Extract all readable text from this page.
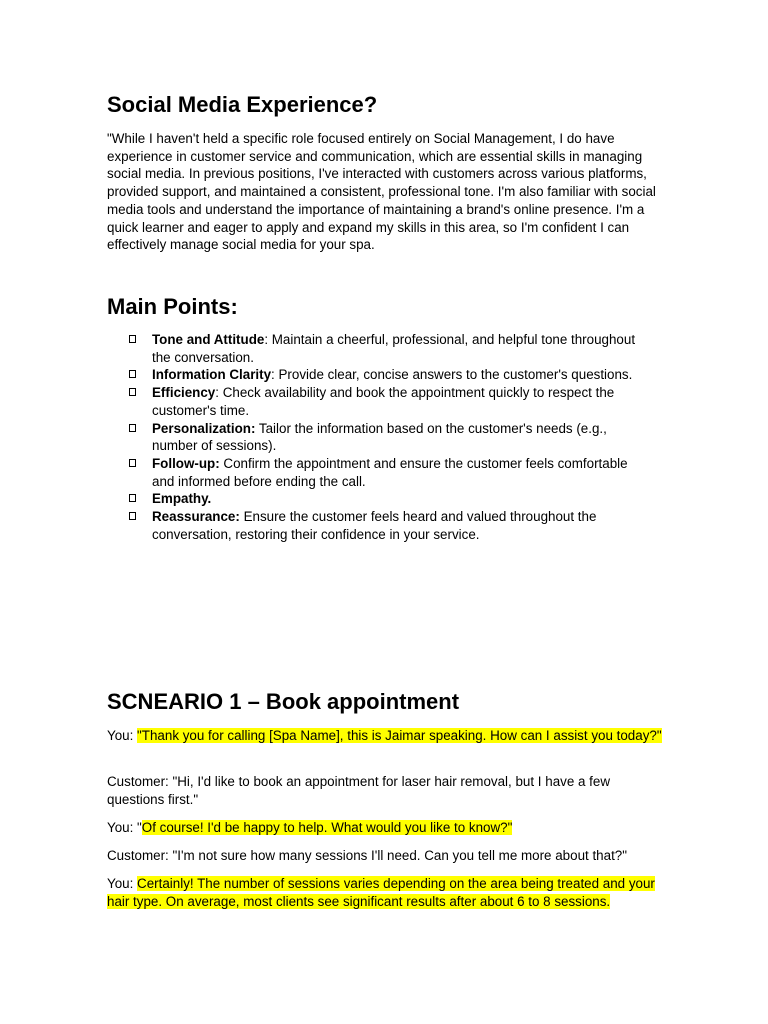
Social Media Experience?

"While I haven't held a specific role focused entirely on Social Management, I do have experience in customer service and communication, which are essential skills in managing social media. In previous positions, I've interacted with customers across various platforms, provided support, and maintained a consistent, professional tone. I'm also familiar with social media tools and understand the importance of maintaining a brand's online presence. I'm a quick learner and eager to apply and expand my skills in this area, so I'm confident I can effectively manage social media for your spa.

Main Points:
Tone and Attitude: Maintain a cheerful, professional, and helpful tone throughout the conversation.
Information Clarity: Provide clear, concise answers to the customer's questions.
Efficiency: Check availability and book the appointment quickly to respect the customer's time.
Personalization: Tailor the information based on the customer's needs (e.g., number of sessions).
Follow-up: Confirm the appointment and ensure the customer feels comfortable and informed before ending the call.
Empathy.
Reassurance: Ensure the customer feels heard and valued throughout the conversation, restoring their confidence in your service.
SCNEARIO 1 – Book appointment

You: "Thank you for calling [Spa Name], this is Jaimar speaking. How can I assist you today?"

Customer: "Hi, I'd like to book an appointment for laser hair removal, but I have a few questions first."

You: "Of course! I'd be happy to help. What would you like to know?"

Customer: "I'm not sure how many sessions I'll need. Can you tell me more about that?"

You: Certainly! The number of sessions varies depending on the area being treated and your hair type. On average, most clients see significant results after about 6 to 8 sessions.
